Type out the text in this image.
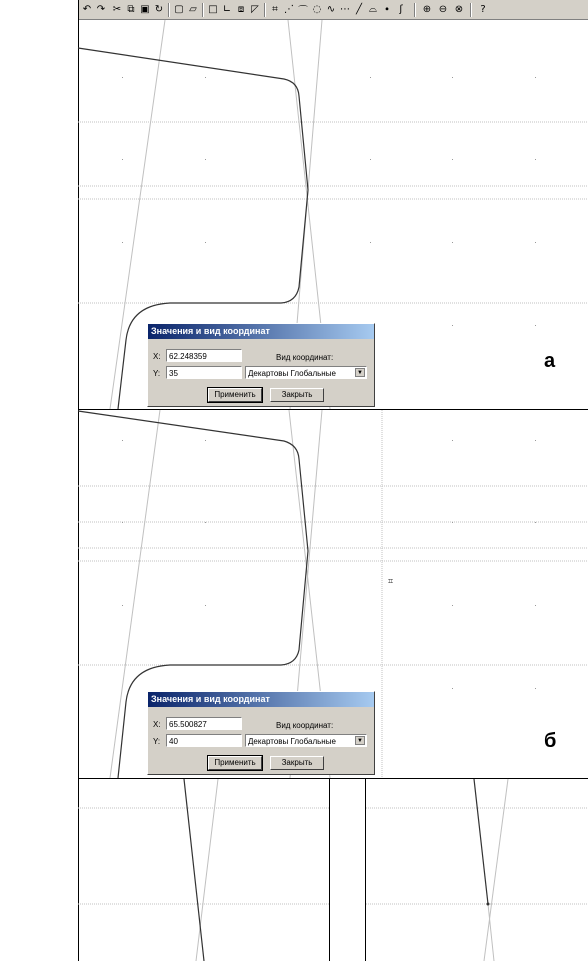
↶ ↷ ✂ ⧉ ▣ ↻ ▢ ▱	□ ∟ ⧈ ◸	⌗ ⋰ ⌒ ◌ ∿ ⋯ ╱ ⌓ ∙ ʃ	⊕ ⊖ ⊗	?
⌗
Значения и вид координат
X:	62.248359
Y:	35
Вид координат:
Декартовы Глобальные	▼
Применить	Закрыть
Значения и вид координат
X:	65.500827
Y:	40
Вид координат:
Декартовы Глобальные	▼
Применить	Закрыть
а
б
